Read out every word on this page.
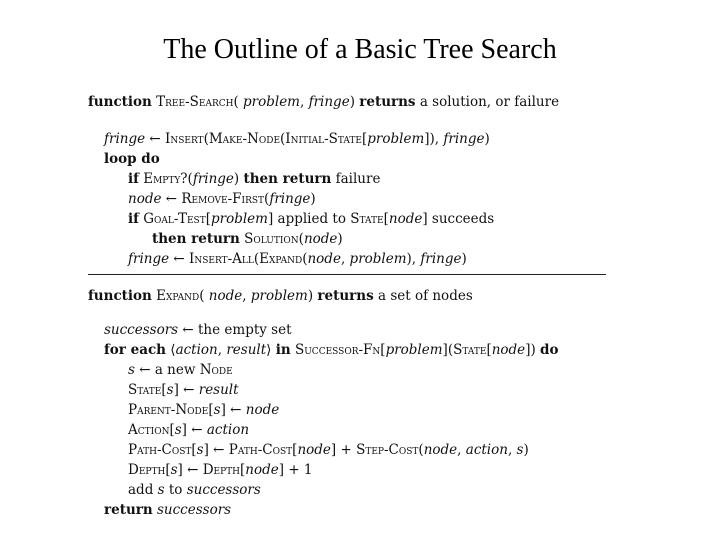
The Outline of a Basic Tree Search
function Tree-Search( problem, fringe) returns a solution, or failure
fringe ← Insert(Make-Node(Initial-State[problem]), fringe)
loop do
if Empty?(fringe) then return failure
node ← Remove-First(fringe)
if Goal-Test[problem] applied to State[node] succeeds
then return Solution(node)
fringe ← Insert-All(Expand(node, problem), fringe)
function Expand( node, problem) returns a set of nodes
successors ← the empty set
for each ⟨action, result⟩ in Successor-Fn[problem](State[node]) do
s ← a new Node
State[s] ← result
Parent-Node[s] ← node
Action[s] ← action
Path-Cost[s] ← Path-Cost[node] + Step-Cost(node, action, s)
Depth[s] ← Depth[node] + 1
add s to successors
return successors
